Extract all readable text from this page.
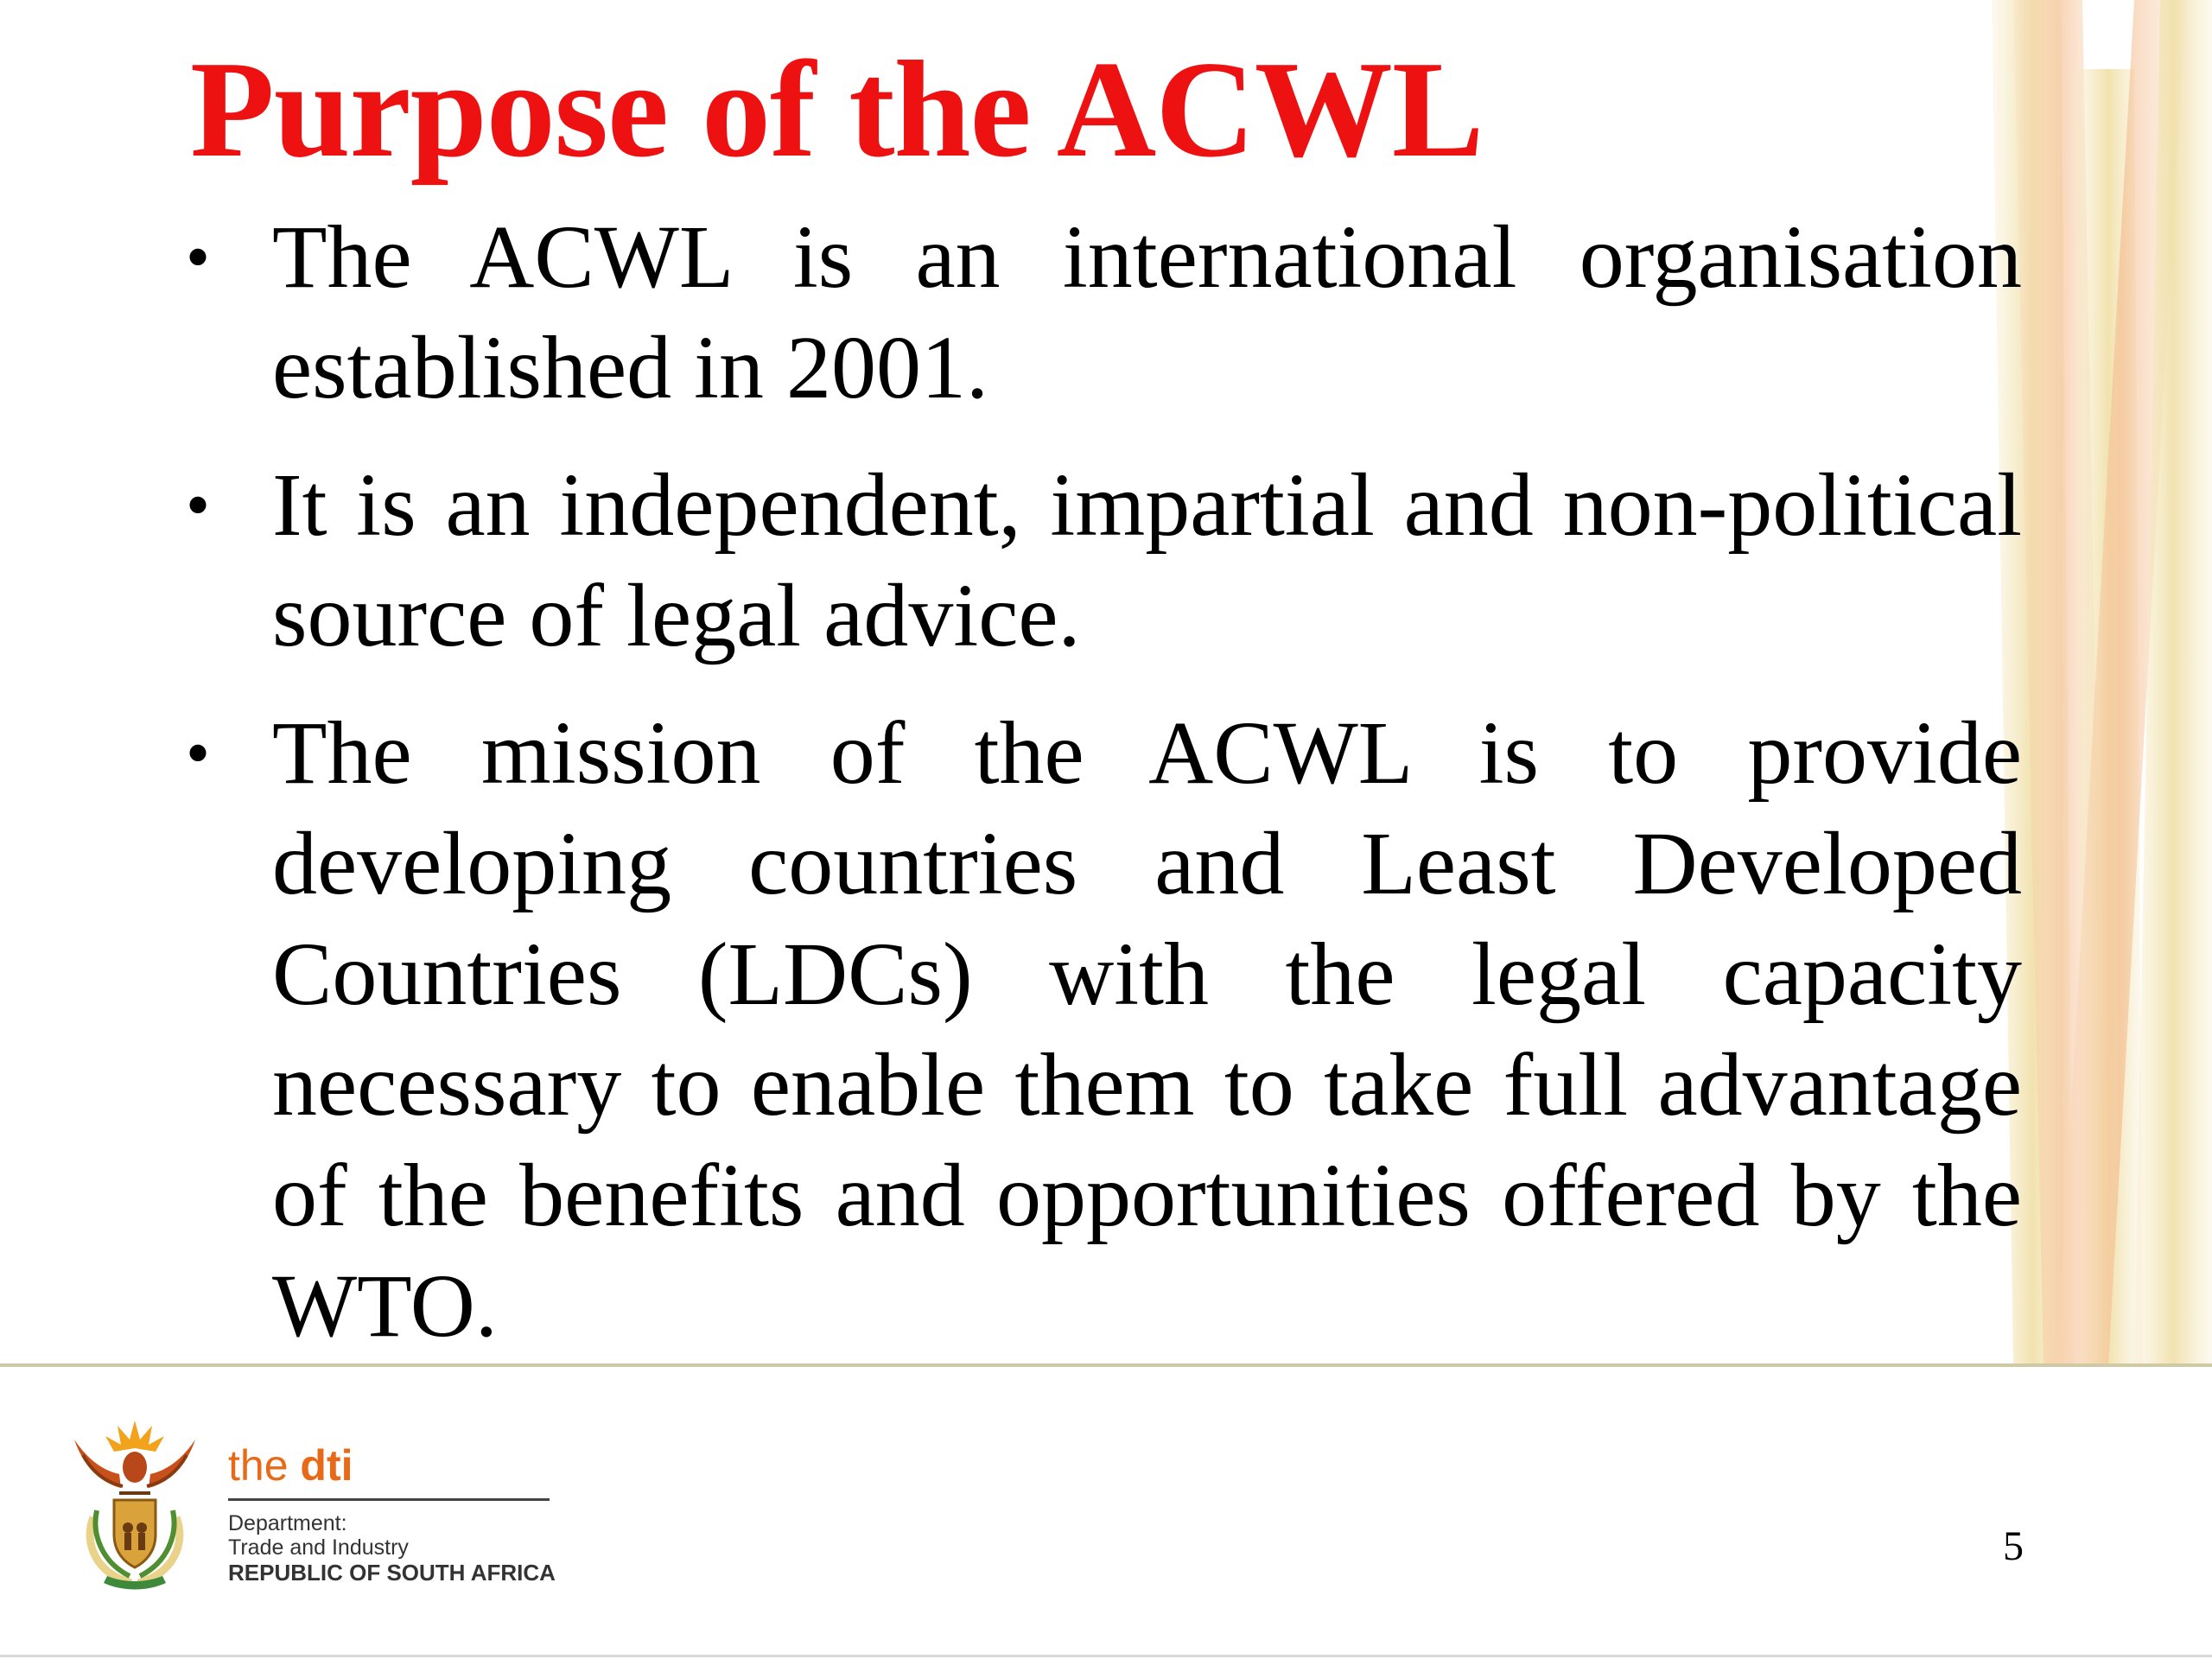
Purpose of the ACWL
• The ACWL is an international organisation established in 2001.
• It is an independent, impartial and non-political source of legal advice.
• The mission of the ACWL is to provide developing countries and Least Developed Countries (LDCs) with the legal capacity necessary to enable them to take full advantage of the benefits and opportunities offered by the WTO.
the dti
Department:
Trade and Industry
REPUBLIC OF SOUTH AFRICA
5
